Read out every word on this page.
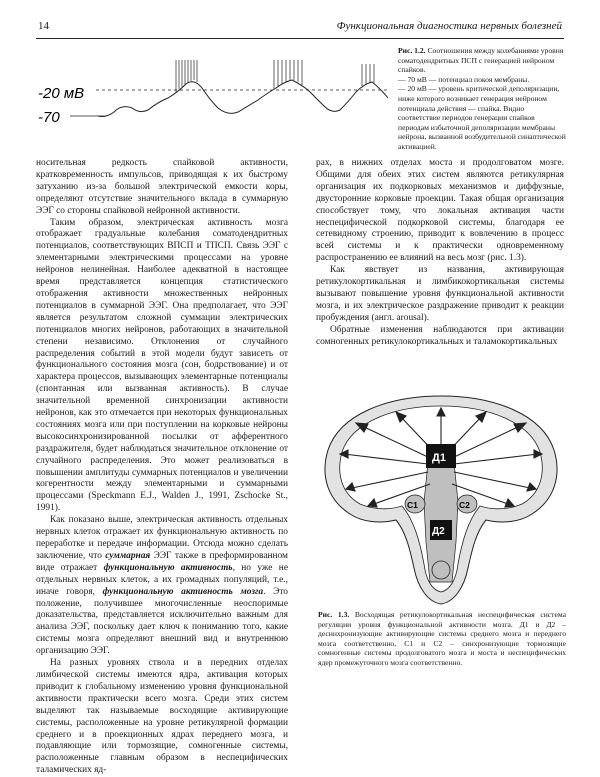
14	Функциональная диагностика нервных болезней
-20 мВ
-70
Рис. 1.2. Соотношения между колебаниями уровня соматодендритных ПСП с генерацией нейроном спайков.
— 70 мВ — потенциал покоя мембраны.
— 20 мВ — уровень критической деполяризации, ниже которого возникает генерация нейроном потенциала действия — спайка. Видно соответствие периодов генерации спайков периодам избыточной деполяризации мембраны нейрона, вызванной возбудительной синаптической активацией.

носительная редкость спайковой активности, кратковременность импульсов, приводящая к их быстрому затуханию из-за большой электрической емкости коры, определяют отсутствие значительного вклада в суммарную ЭЭГ со стороны спайковой нейронной активности.

Таким образом, электрическая активность мозга отображает градуальные колебания соматодендритных потенциалов, соответствующих ВПСП и ТПСП. Связь ЭЭГ с элементарными электрическими процессами на уровне нейронов нелинейная. Наиболее адекватной в настоящее время представляется концепция статистического отображения активности множественных нейронных потенциалов в суммарной ЭЭГ. Она предполагает, что ЭЭГ является результатом сложной суммации электрических потенциалов многих нейронов, работающих в значительной степени независимо. Отклонения от случайного распределения событий в этой модели будут зависеть от функционального состояния мозга (сон, бодрствование) и от характера процессов, вызывающих элементарные потенциалы (спонтанная или вызванная активность). В случае значительной временной синхронизации активности нейронов, как это отмечается при некоторых функциональных состояниях мозга или при поступлении на корковые нейроны высокосинхронизированной посылки от афферентного раздражителя, будет наблюдаться значительное отклонение от случайного распределения. Это может реализоваться в повышении амплитуды суммарных потенциалов и увеличении когерентности между элементарными и суммарными процессами (Speckmann E.J., Walden J., 1991, Zschocke St., 1991).

Как показано выше, электрическая активность отдельных нервных клеток отражает их функциональную активность по переработке и передаче информации. Отсюда можно сделать заключение, что суммарная ЭЭГ также в преформированном виде отражает функциональную активность, но уже не отдельных нервных клеток, а их громадных популяций, т.е., иначе говоря, функциональную активность мозга. Это положение, получившее многочисленные неоспоримые доказательства, представляется исключительно важным для анализа ЭЭГ, поскольку дает ключ к пониманию того, какие системы мозга определяют внешний вид и внутреннюю организацию ЭЭГ.

На разных уровнях ствола и в передних отделах лимбической системы имеются ядра, активация которых приводит к глобальному изменению уровня функциональной активности практически всего мозга. Среди этих систем выделяют так называемые восходящие активирующие системы, расположенные на уровне ретикулярной формации среднего и в проекционных ядрах переднего мозга, и подавляющие или тормозящие, сомногенные системы, расположенные главным образом в неспецифических таламических яд-

рах, в нижних отделах моста и продолговатом мозге. Общими для обеих этих систем являются ретикулярная организация их подкорковых механизмов и диффузные, двусторонние корковые проекции. Такая общая организация способствует тому, что локальная активация части неспецифической подкорковой системы, благодаря ее сетевидному строению, приводит к вовлечению в процесс всей системы и к практически одновременному распространению ее влияний на весь мозг (рис. 1.3).

Как явствует из названия, активирующая ретикулокортикальная и лимбикокортикальная системы вызывают повышение уровня функциональной активности мозга, и их электрическое раздражение приводит к реакции пробуждения (англ. arousal).

Обратные изменения наблюдаются при активации сомногенных ретикулокортикальных и таламокортикальных

Д1
C1	C2
Д2
Рис. 1.3. Восходящая ретикулокортикальная неспецифическая система регуляции уровня функциональной активности мозга. Д1 и Д2 – десинхронизующие активирующие системы среднего мозга и переднего мозга соответственно, C1 и C2 – синхронизующие тормозящие сомногенные системы продолговатого мозга и моста и неспецифических ядер промежуточного мозга соответственно.
